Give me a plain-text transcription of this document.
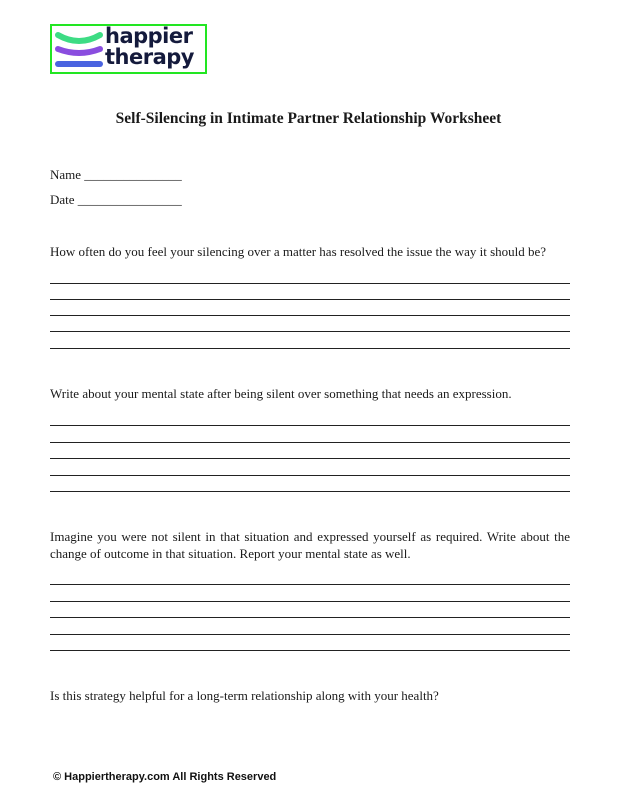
happier
therapy
Self-Silencing in Intimate Partner Relationship Worksheet
Name _______________
Date ________________
How often do you feel your silencing over a matter has resolved the issue the way it should be?
Write about your mental state after being silent over something that needs an expression.
Imagine you were not silent in that situation and expressed yourself as required. Write about the change of outcome in that situation. Report your mental state as well.
Is this strategy helpful for a long-term relationship along with your health?
© Happiertherapy.com All Rights Reserved
